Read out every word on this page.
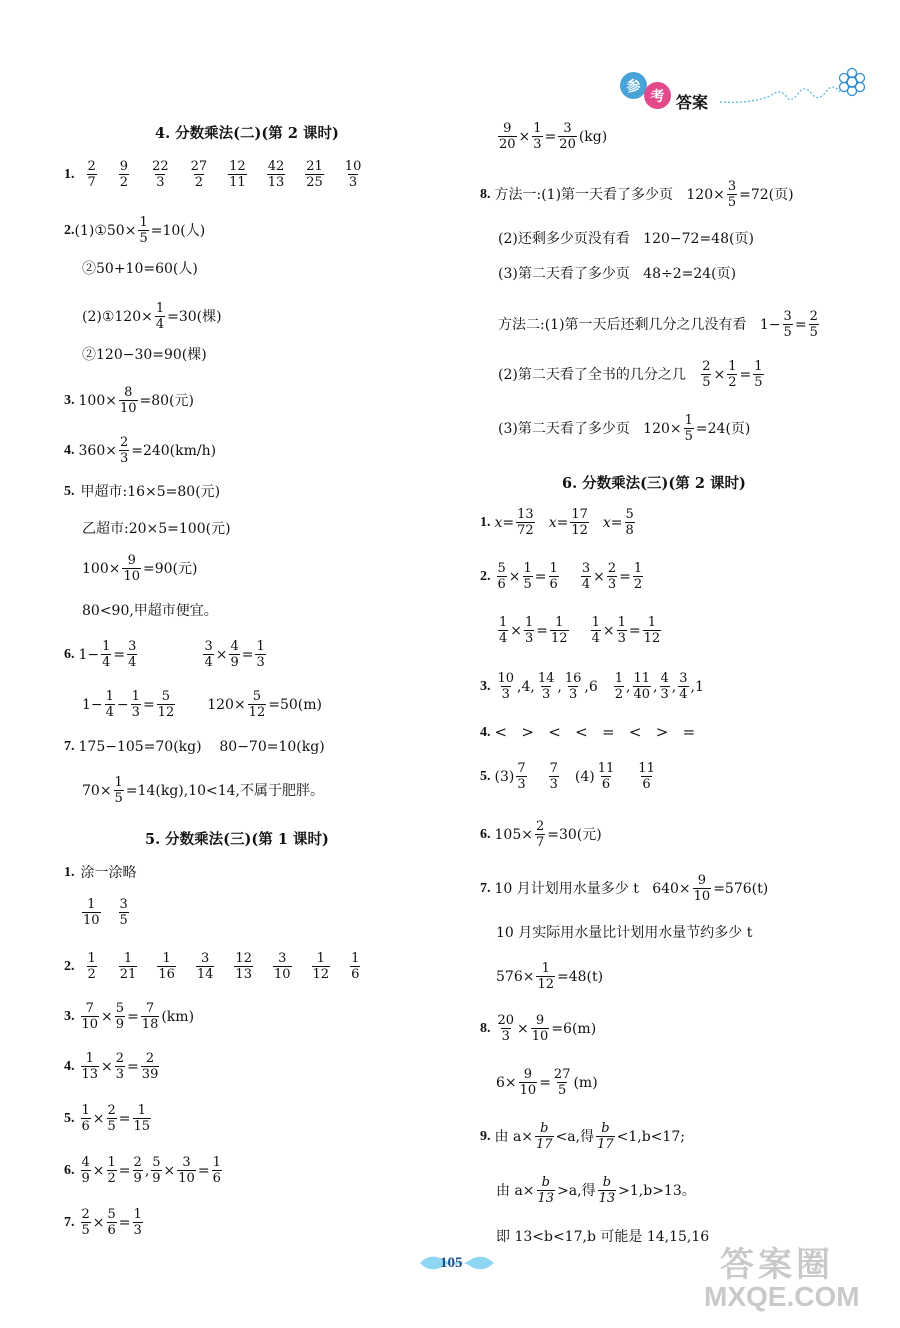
参
考 答案
4. 分数乘法(二)(第 2 课时)
1.
2
7
9
2
22
3
27
2
12
11
42
13
21
25
10
3
2. (1)①50× $\frac{1}{5} =10$(人)
②50+10=60(人)
(2)①120× $\frac{1}{4} =30$(棵)
②120−30=90(棵)
3. $100\times \frac{8}{10} =80$(元)
4. $360\times \frac{2}{3} =240(km/h)$
5. 甲超市:16×5=80(元)
乙超市:20×5=100(元)
$100\times \frac{9}{10} =90$(元)
80<90,甲超市便宜。
6. $1- \frac{1}{4} = \frac{3}{4}$	$\frac{3}{4} \times \frac{4}{9} = \frac{1}{3}$
$1- \frac{1}{4} - \frac{1}{3} = \frac{5}{12} 120\times \frac{5}{12} =50(m)$
7. 175−105=70(kg)    80−70=10(kg)
$70\times \frac{1}{5} =14(kg),10<14$,不属于肥胖。
5. 分数乘法(三)(第 1 课时)
1. 涂一涂略
1
10
3
5
2.
1
2
1
21
1
16
3
14
12
13
3
10
1
12
1
6
3. $\frac{7}{10} \times \frac{5}{9} = \frac{7}{18} (km)$
4. $\frac{1}{13} \times \frac{2}{3} = \frac{2}{39}$
5. $\frac{1}{6} \times \frac{2}{5} = \frac{1}{15}$
6. $\frac{4}{9} \times \frac{1}{2} = \frac{2}{9}$ , $\frac{5}{9} \times \frac{3}{10} = \frac{1}{6}$
7. $\frac{2}{5} \times \frac{5}{6} = \frac{1}{3}$
$\frac{9}{20} \times \frac{1}{3} = \frac{3}{20} (kg)$
8. 方法一:(1)第一天看了多少页   $120\times \frac{3}{5} =72$(页)
(2)还剩多少页没有看   120−72=48(页)
(3)第二天看了多少页   48÷2=24(页)
方法二:(1)第一天后还剩几分之几没有看   $1- \frac{3}{5} = \frac{2}{5}$
(2)第二天看了全书的几分之几 $\frac{2}{5} \times \frac{1}{2} = \frac{1}{5}$
(3)第二天看了多少页   $120\times \frac{1}{5} =24$(页)
6. 分数乘法(三)(第 2 课时)
1. $x= \frac{13}{72} x= \frac{17}{12} x= \frac{5}{8}$
2. $\frac{5}{6} \times \frac{1}{5} = \frac{1}{6} \frac{3}{4} \times \frac{2}{3} = \frac{1}{2}$
$\frac{1}{4} \times \frac{1}{3} = \frac{1}{12} \frac{1}{4} \times \frac{1}{3} = \frac{1}{12}$
3.
10
3 ,4,
14
3 ,
16
3 ,6
1
2 ,
11
40 ,
4
3 ,
3
4 ,1
4. <   >   <   <   =   <   >   =
5. (3)
7
3
7
3 (4)
11
6
11
6
6. $105\times \frac{2}{7} =30$(元)
7. 10 月计划用水量多少 t   $640\times \frac{9}{10} =576(t)$
10 月实际用水量比计划用水量节约多少 t
$576\times \frac{1}{12} =48(t)$
8. $\frac{20}{3} \times \frac{9}{10} =6(m)$
$6\times \frac{9}{10} = \frac{27}{5} (m)$
9. 由 $a\times \frac{b}{17} <a$,得
b
17 <1,b<17;
由 $a\times \frac{b}{13} >a$,得
b
13 >1,b>13。
即 13<b<17,b 可能是 14,15,16
105	答案圈
MXQE.COM
